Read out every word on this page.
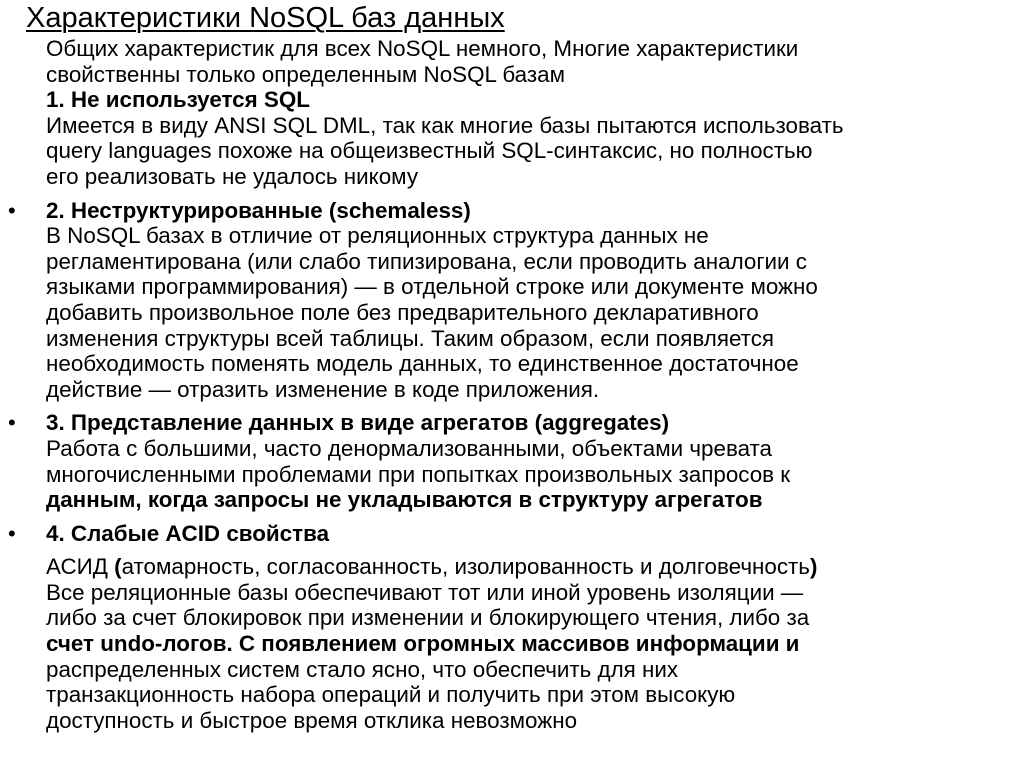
Характеристики NoSQL баз данных
Общих характеристик для всех NoSQL немного, Многие характеристики
свойственны только определенным NoSQL базам
1. Не используется SQL
Имеется в виду ANSI SQL DML, так как многие базы пытаются использовать
query languages похоже на общеизвестный SQL-синтаксис, но полностью
его реализовать не удалось никому
• 2. Неструктурированные (schemaless)
В NoSQL базах в отличие от реляционных структура данных не
регламентирована (или слабо типизирована, если проводить аналогии с
языками программирования) — в отдельной строке или документе можно
добавить произвольное поле без предварительного декларативного
изменения структуры всей таблицы. Таким образом, если появляется
необходимость поменять модель данных, то единственное достаточное
действие — отразить изменение в коде приложения.
• 3. Представление данных в виде агрегатов (aggregates)
Работа с большими, часто денормализованными, объектами чревата
многочисленными проблемами при попытках произвольных запросов к
данным, когда запросы не укладываются в структуру агрегатов
• 4. Слабые ACID свойства
АСИД (атомарность, согласованность, изолированность и долговечность)
Все реляционные базы обеспечивают тот или иной уровень изоляции —
либо за счет блокировок при изменении и блокирующего чтения, либо за
счет undo-логов. С появлением огромных массивов информации и
распределенных систем стало ясно, что обеспечить для них
транзакционность набора операций и получить при этом высокую
доступность и быстрое время отклика невозможно
